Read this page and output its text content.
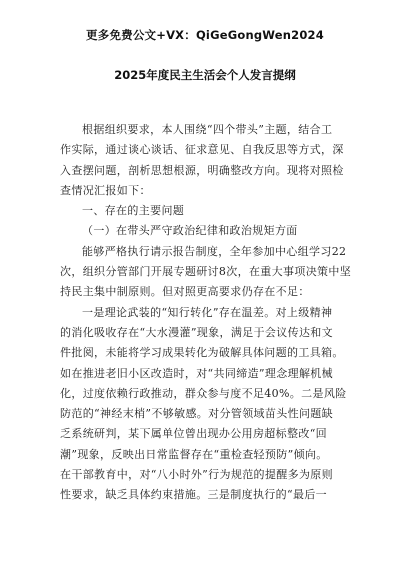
更多免费公文+VX：QiGeGongWen2024
2025年度民主生活会个人发言提纲
根据组织要求，本人围绕“四个带头”主题，结合工
作实际，通过谈心谈话、征求意见、自我反思等方式，深
入查摆问题，剖析思想根源，明确整改方向。现将对照检
查情况汇报如下：
一、存在的主要问题
（一）在带头严守政治纪律和政治规矩方面
能够严格执行请示报告制度，全年参加中心组学习22
次，组织分管部门开展专题研讨8次，在重大事项决策中坚
持民主集中制原则。但对照更高要求仍存在不足：
一是理论武装的“知行转化”存在温差。对上级精神
的消化吸收存在“大水漫灌”现象，满足于会议传达和文
件批阅，未能将学习成果转化为破解具体问题的工具箱。
如在推进老旧小区改造时，对“共同缔造”理念理解机械
化，过度依赖行政推动，群众参与度不足40%。二是风险
防范的“神经末梢”不够敏感。对分管领域苗头性问题缺
乏系统研判，某下属单位曾出现办公用房超标整改“回
潮”现象，反映出日常监督存在“重检查轻预防”倾向。
在干部教育中，对“八小时外”行为规范的提醒多为原则
性要求，缺乏具体约束措施。三是制度执行的“最后一
